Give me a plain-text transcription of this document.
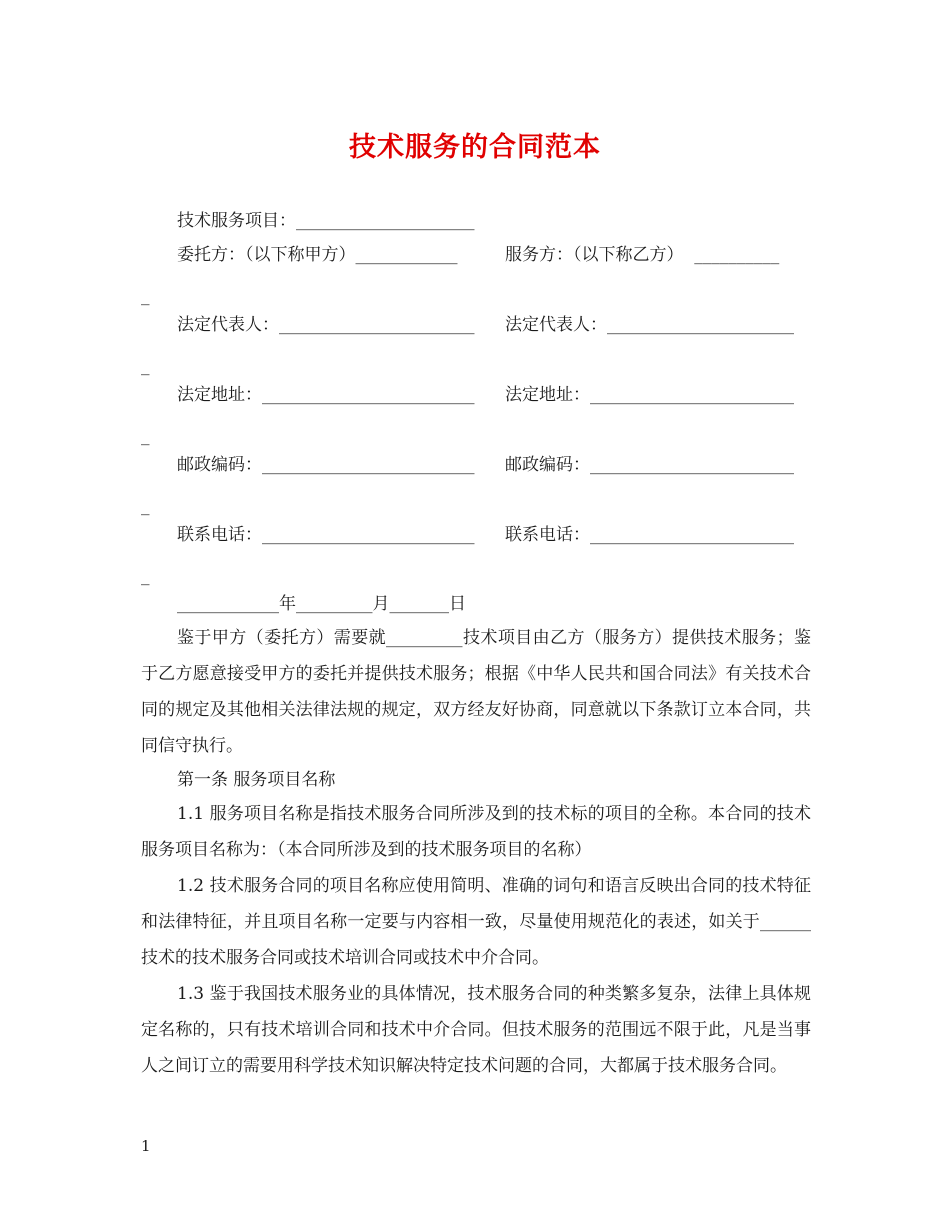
技术服务的合同范本
技术服务项目：_____________________
委托方：（以下称甲方）____________	服务方：（以下称乙方）  __________
_
法定代表人：_______________________ 法定代表人：______________________
_
法定地址：_________________________ 法定地址：________________________
_
邮政编码：_________________________ 邮政编码：________________________
_
联系电话：_________________________ 联系电话：________________________
_
____________年_________月_______日
鉴于甲方（委托方）需要就_________技术项目由乙方（服务方）提供技术服务；鉴于乙方愿意接受甲方的委托并提供技术服务；根据《中华人民共和国合同法》有关技术合同的规定及其他相关法律法规的规定，双方经友好协商，同意就以下条款订立本合同，共同信守执行。
第一条 服务项目名称
1.1 服务项目名称是指技术服务合同所涉及到的技术标的项目的全称。本合同的技术服务项目名称为：（本合同所涉及到的技术服务项目的名称）
1.2 技术服务合同的项目名称应使用简明、准确的词句和语言反映出合同的技术特征和法律特征，并且项目名称一定要与内容相一致，尽量使用规范化的表述，如关于______技术的技术服务合同或技术培训合同或技术中介合同。
1.3 鉴于我国技术服务业的具体情况，技术服务合同的种类繁多复杂，法律上具体规定名称的，只有技术培训合同和技术中介合同。但技术服务的范围远不限于此，凡是当事人之间订立的需要用科学技术知识解决特定技术问题的合同，大都属于技术服务合同。
1
